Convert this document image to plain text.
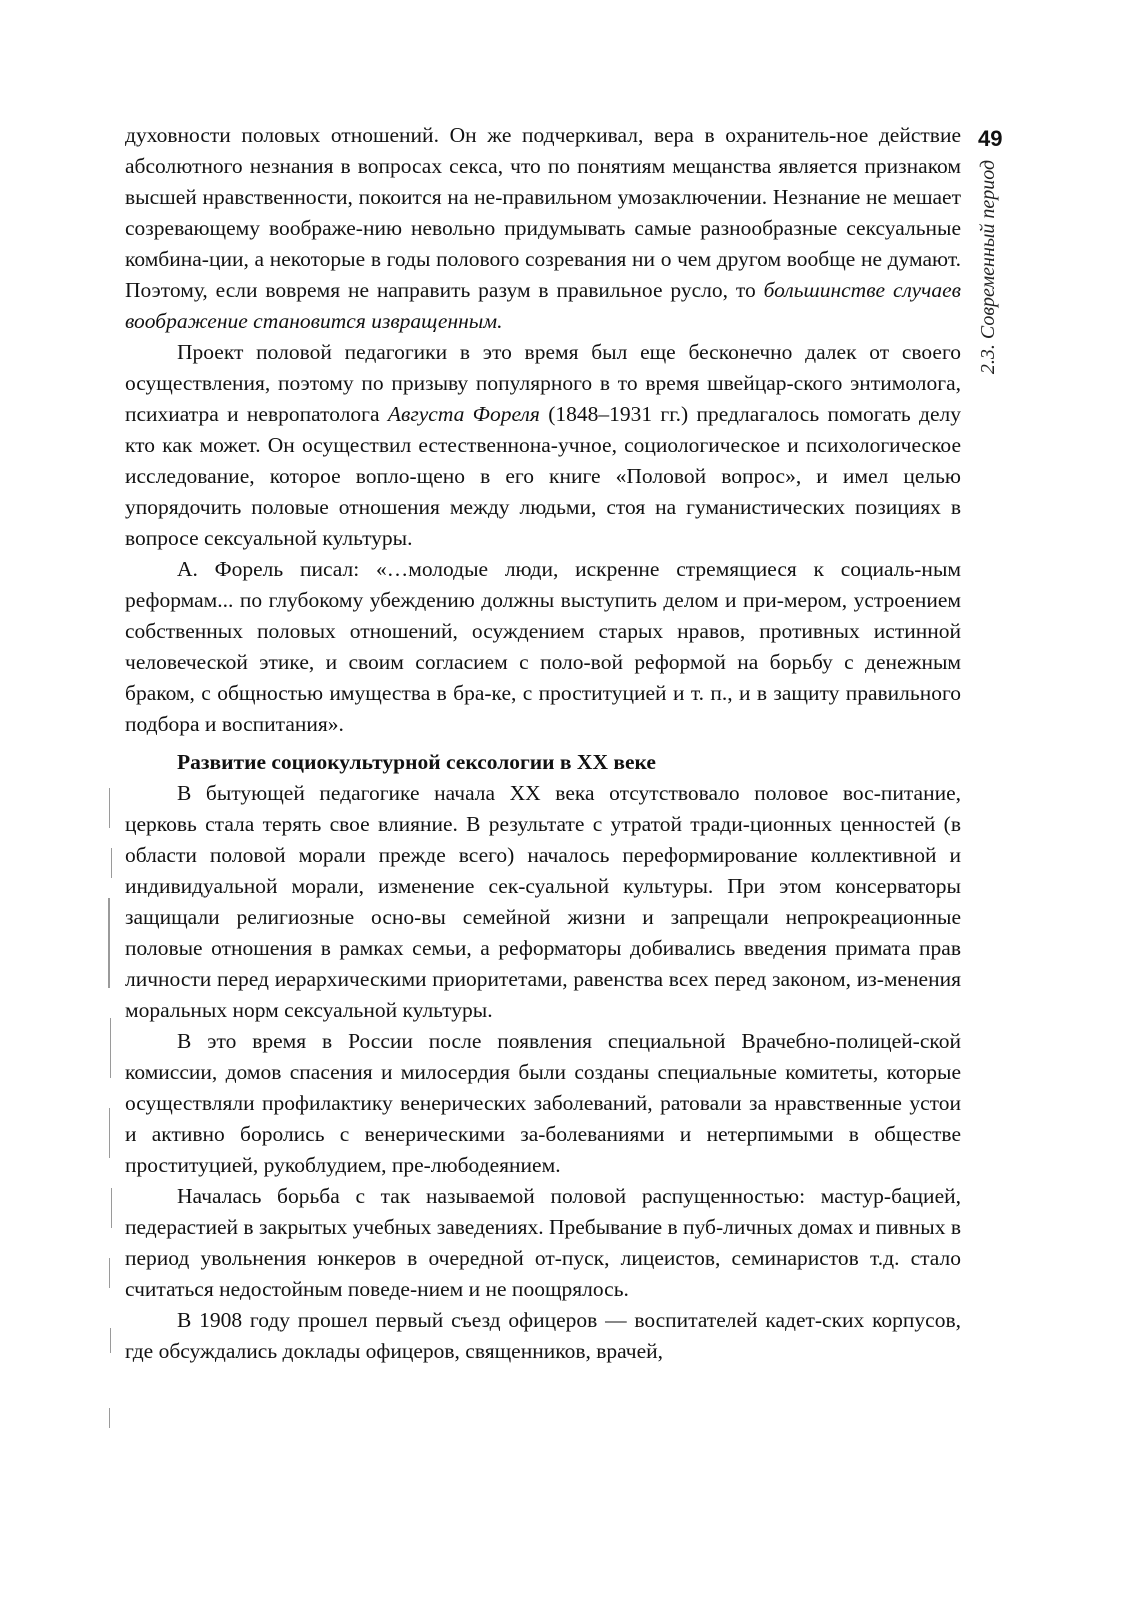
49
2.3. Современный период

духовности половых отношений. Он же подчеркивал, вера в охранитель-ное действие абсолютного незнания в вопросах секса, что по понятиям мещанства является признаком высшей нравственности, покоится на не-правильном умозаключении. Незнание не мешает созревающему воображе-нию невольно придумывать самые разнообразные сексуальные комбина-ции, а некоторые в годы полового созревания ни о чем другом вообще не думают. Поэтому, если вовремя не направить разум в правильное русло, то большинстве случаев воображение становится извращенным.

Проект половой педагогики в это время был еще бесконечно далек от своего осуществления, поэтому по призыву популярного в то время швейцар-ского энтимолога, психиатра и невропатолога Августа Фореля (1848–1931 гг.) предлагалось помогать делу кто как может. Он осуществил естественнона-учное, социологическое и психологическое исследование, которое вопло-щено в его книге «Половой вопрос», и имел целью упорядочить половые отношения между людьми, стоя на гуманистических позициях в вопросе сексуальной культуры.

А. Форель писал: «…молодые люди, искренне стремящиеся к социаль-ным реформам... по глубокому убеждению должны выступить делом и при-мером, устроением собственных половых отношений, осуждением старых нравов, противных истинной человеческой этике, и своим согласием с поло-вой реформой на борьбу с денежным браком, с общностью имущества в бра-ке, с проституцией и т. п., и в защиту правильного подбора и воспитания».

Развитие социокультурной сексологии в XX веке

В бытующей педагогике начала XX века отсутствовало половое вос-питание, церковь стала терять свое влияние. В результате с утратой тради-ционных ценностей (в области половой морали прежде всего) началось переформирование коллективной и индивидуальной морали, изменение сек-суальной культуры. При этом консерваторы защищали религиозные осно-вы семейной жизни и запрещали непрокреационные половые отношения в рамках семьи, а реформаторы добивались введения примата прав личности перед иерархическими приоритетами, равенства всех перед законом, из-менения моральных норм сексуальной культуры.

В это время в России после появления специальной Врачебно-полицей-ской комиссии, домов спасения и милосердия были созданы специальные комитеты, которые осуществляли профилактику венерических заболеваний, ратовали за нравственные устои и активно боролись с венерическими за-болеваниями и нетерпимыми в обществе проституцией, рукоблудием, пре-любодеянием.

Началась борьба с так называемой половой распущенностью: мастур-бацией, педерастией в закрытых учебных заведениях. Пребывание в пуб-личных домах и пивных в период увольнения юнкеров в очередной от-пуск, лицеистов, семинаристов т.д. стало считаться недостойным поведе-нием и не поощрялось.

В 1908 году прошел первый съезд офицеров — воспитателей кадет-ских корпусов, где обсуждались доклады офицеров, священников, врачей,
